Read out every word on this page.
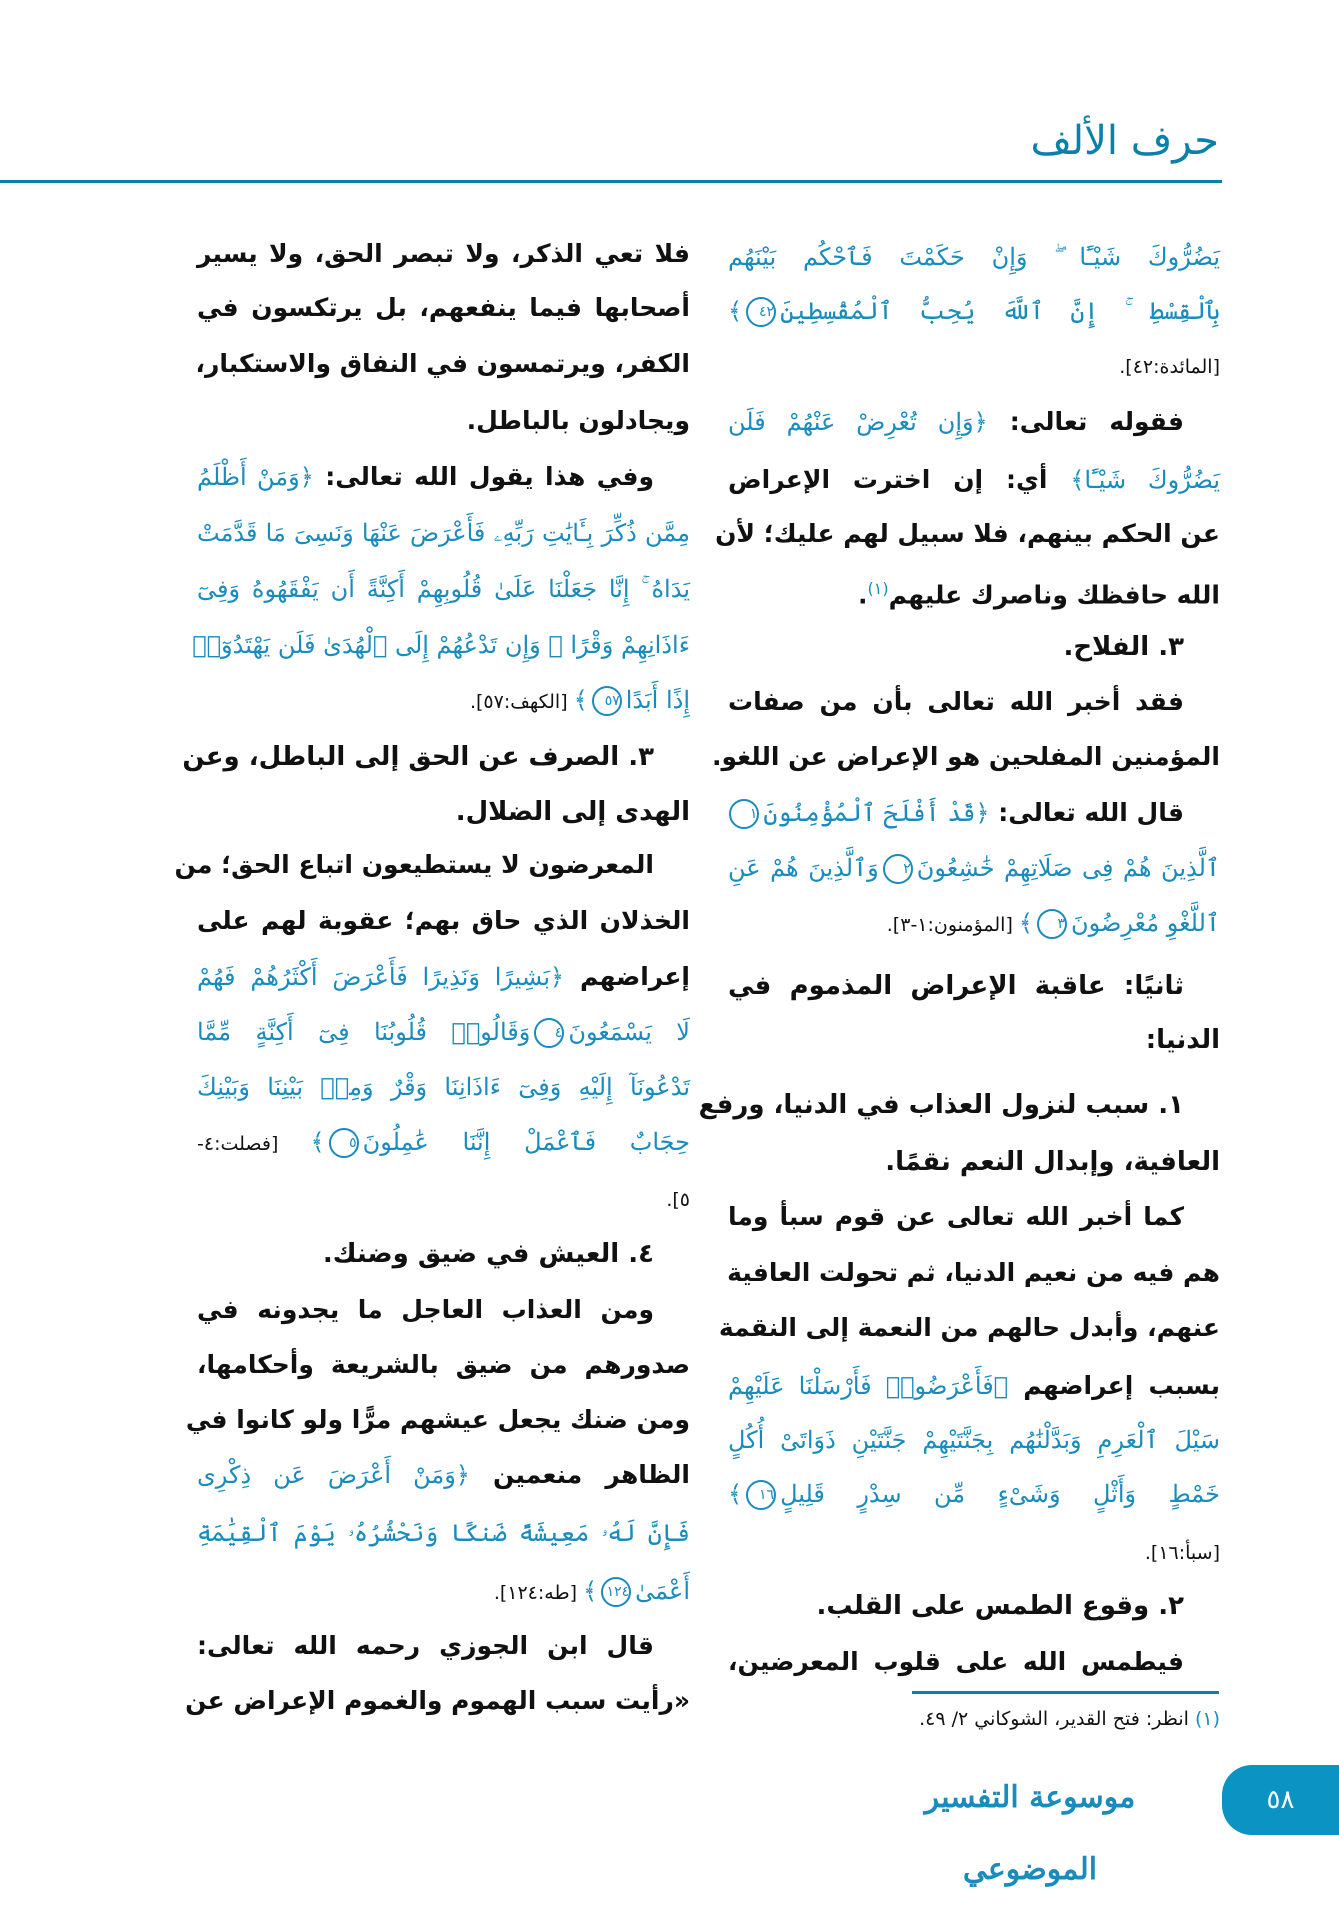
حرف الألف
يَضُرُّوكَ شَيْـًٔا ۖ وَإِنْ حَكَمْتَ فَٱحْكُم بَيْنَهُم
بِٱلْقِسْطِ ۚ إِنَّ ٱللَّهَ يُحِبُّ ٱلْمُقْسِطِينَ٤٢﴾
[المائدة:٤٢].
فقوله تعالى: ﴿وَإِن تُعْرِضْ عَنْهُمْ فَلَن
يَضُرُّوكَ شَيْـًٔا﴾ أي: إن اخترت الإعراض
عن الحكم بينهم، فلا سبيل لهم عليك؛ لأن
الله حافظك وناصرك عليهم$^{(١)}$.
٣. الفلاح.
فقد أخبر الله تعالى بأن من صفات
المؤمنين المفلحين هو الإعراض عن اللغو.
قال الله تعالى: ﴿قَدْ أَفْلَحَ ٱلْمُؤْمِنُونَ١
ٱلَّذِينَ هُمْ فِى صَلَاتِهِمْ خَٰشِعُونَ٢وَٱلَّذِينَ هُمْ عَنِ
ٱللَّغْوِ مُعْرِضُونَ٣﴾ [المؤمنون:١-٣].
ثانيًا: عاقبة الإعراض المذموم في
الدنيا:
١. سبب لنزول العذاب في الدنيا، ورفع
العافية، وإبدال النعم نقمًا.
كما أخبر الله تعالى عن قوم سبأ وما
هم فيه من نعيم الدنيا، ثم تحولت العافية
عنهم، وأبدل حالهم من النعمة إلى النقمة
بسبب إعراضهم ﴿فَأَعْرَضُوا۟ فَأَرْسَلْنَا عَلَيْهِمْ
سَيْلَ ٱلْعَرِمِ وَبَدَّلْنَٰهُم بِجَنَّتَيْهِمْ جَنَّتَيْنِ ذَوَاتَىْ أُكُلٍ
خَمْطٍ وَأَثْلٍ وَشَىْءٍ مِّن سِدْرٍ قَلِيلٍ١٦﴾
[سبأ:١٦].
٢. وقوع الطمس على القلب.
فيطمس الله على قلوب المعرضين،
فلا تعي الذكر، ولا تبصر الحق، ولا يسير
أصحابها فيما ينفعهم، بل يرتكسون في
الكفر، ويرتمسون في النفاق والاستكبار،
ويجادلون بالباطل.
وفي هذا يقول الله تعالى: ﴿وَمَنْ أَظْلَمُ
مِمَّن ذُكِّرَ بِـَٔايَٰتِ رَبِّهِۦ فَأَعْرَضَ عَنْهَا وَنَسِىَ مَا قَدَّمَتْ
يَدَاهُ ۚ إِنَّا جَعَلْنَا عَلَىٰ قُلُوبِهِمْ أَكِنَّةً أَن يَفْقَهُوهُ وَفِىٓ
ءَاذَانِهِمْ وَقْرًا ۖ وَإِن تَدْعُهُمْ إِلَى ٱلْهُدَىٰ فَلَن يَهْتَدُوٓا۟
إِذًا أَبَدًا٥٧﴾ [الكهف:٥٧].
٣. الصرف عن الحق إلى الباطل، وعن
الهدى إلى الضلال.
المعرضون لا يستطيعون اتباع الحق؛ من
الخذلان الذي حاق بهم؛ عقوبة لهم على
إعراضهم ﴿بَشِيرًا وَنَذِيرًا فَأَعْرَضَ أَكْثَرُهُمْ فَهُمْ
لَا يَسْمَعُونَ٤وَقَالُوا۟ قُلُوبُنَا فِىٓ أَكِنَّةٍ مِّمَّا
تَدْعُونَآ إِلَيْهِ وَفِىٓ ءَاذَانِنَا وَقْرٌ وَمِنۢ بَيْنِنَا وَبَيْنِكَ
حِجَابٌ فَٱعْمَلْ إِنَّنَا عَٰمِلُونَ٥﴾ [فصلت:٤-
٥].
٤. العيش في ضيق وضنك.
ومن العذاب العاجل ما يجدونه في
صدورهم من ضيق بالشريعة وأحكامها،
ومن ضنك يجعل عيشهم مرًّا ولو كانوا في
الظاهر منعمين ﴿وَمَنْ أَعْرَضَ عَن ذِكْرِى
فَإِنَّ لَهُۥ مَعِيشَةً ضَنكًا وَنَحْشُرُهُۥ يَوْمَ ٱلْقِيَٰمَةِ
أَعْمَىٰ١٢٤﴾ [طه:١٢٤].
قال ابن الجوزي رحمه الله تعالى:
«رأيت سبب الهموم والغموم الإعراض عن
(١) انظر: فتح القدير، الشوكاني ٢/ ٤٩.
موسوعة التفسير الموضوعي
٥٨
